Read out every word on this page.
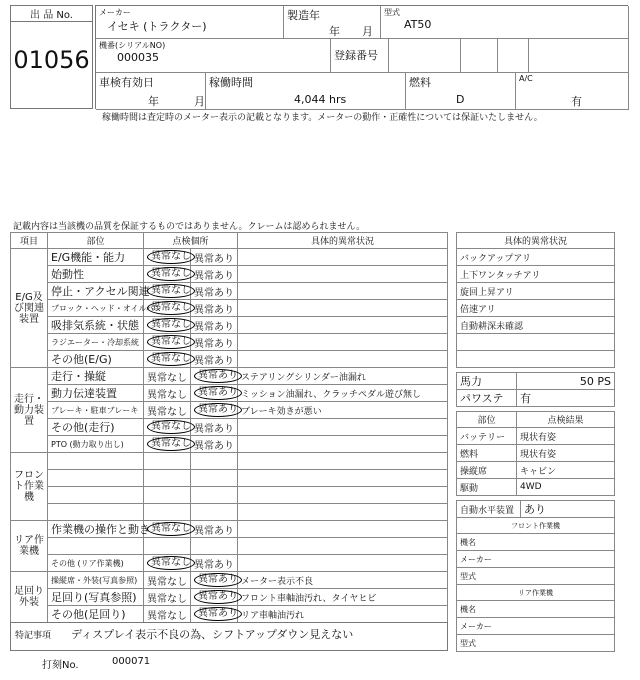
出 品 No.
01056
メーカー
イセキ (トラクター)
製造年
年 月
型式
AT50
機番(シリアルNO)
000035	登録番号
車検有効日
年	月
稼働時間
4,044 hrs
燃料
D
A/C
有
稼働時間は査定時のメーター表示の記載となります。メーターの動作・正確性については保証いたしません。
記載内容は当該機の品質を保証するものではありません。クレームは認められません。
項目	部位	点検個所		具体的異常状況
E/G及び関連装置	E/G機能・能力	異常なし	異常あり	
	始動性	異常なし	異常あり	
	停止・アクセル関連	異常なし	異常あり	
	ブロック・ヘッド・オイルパン	異常なし	異常あり	
	吸排気系統・状態	異常なし	異常あり	
	ラジエーター・冷却系統	異常なし	異常あり	
	その他(E/G)	異常なし	異常あり	
走行・動力装置	走行・操縦	異常なし	異常あり	ステアリングシリンダー油漏れ
	動力伝達装置	異常なし	異常あり	ミッション油漏れ、クラッチペダル遊び無し
	ブレーキ・駐車ブレーキ	異常なし	異常あり	ブレーキ効きが悪い
	その他(走行)	異常なし	異常あり	
	PTO (動力取り出し)	異常なし	異常あり	
フロント作業機				

リア作業機	作業機の操作と動き	異常なし	異常あり	

	その他 (リア作業機)	異常なし	異常あり	
足回り外装	操縦席・外装(写真参照)	異常なし	異常あり	メーター表示不良
	足回り(写真参照)	異常なし	異常あり	フロント車軸油汚れ、タイヤヒビ
	その他(足回り)	異常なし	異常あり	リア車軸油汚れ
特記事項 ディスプレイ表示不良の為、シフトアップダウン見えない
打刻No.	000071
具体的異常状況
バックアップアリ
上下ワンタッチアリ
旋回上昇アリ
倍速アリ
自動耕深未確認

馬力	50 PS
パワステ	有
部位	点検結果
バッテリー	現状有姿
燃料	現状有姿
操縦席	キャビン
駆動	4WD
自動水平装置	あり
フロント作業機
機名
メーカー
型式
リア作業機
機名
メーカー
型式
